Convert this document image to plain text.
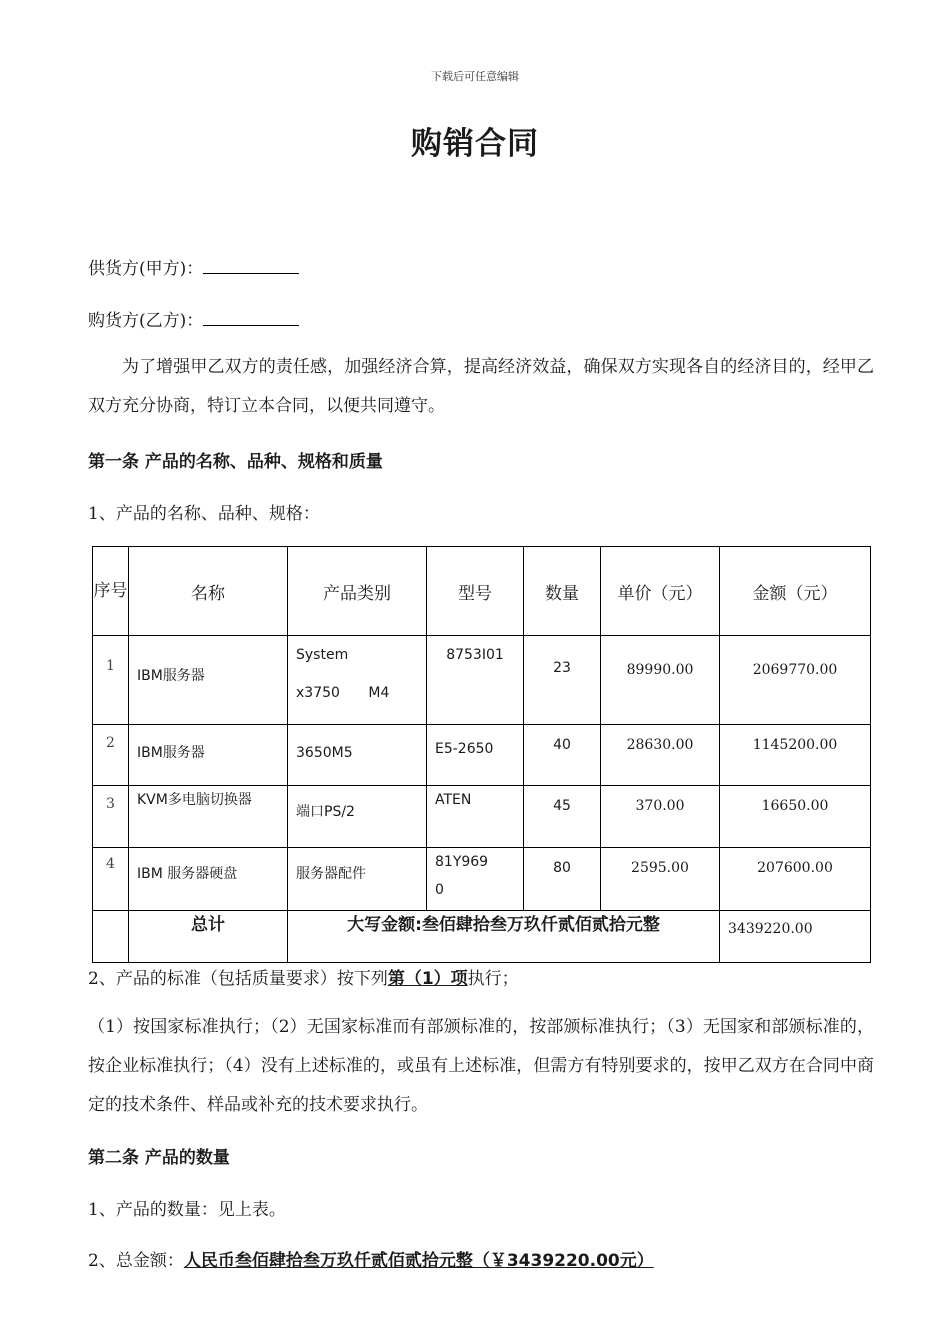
下载后可任意编辑
购销合同
供货方(甲方)：
购货方(乙方)：
为了增强甲乙双方的责任感，加强经济合算，提高经济效益，确保双方实现各自的经济目的，经甲乙双方充分协商，特订立本合同，以便共同遵守。
第一条 产品的名称、品种、规格和质量
1、产品的名称、品种、规格：
序号	名称	产品类别	型号	数量	单价（元）	金额（元）

1	IBM服务器	System x3750 M4	8753I01	23	89990.00	2069770.00

2	IBM服务器	3650M5	E5-2650	40	28630.00	1145200.00

3	KVM多电脑切换器	端口PS/2	ATEN	45	370.00	16650.00

4	IBM 服务器硬盘	服务器配件	81Y9690	80	2595.00	207600.00

	总计	大写金额:叁佰肆拾叁万玖仟贰佰贰拾元整				3439220.00
2、产品的标准（包括质量要求）按下列第（1）项执行；
（1）按国家标准执行；（2）无国家标准而有部颁标准的，按部颁标准执行；（3）无国家和部颁标准的，按企业标准执行；（4）没有上述标准的，或虽有上述标准，但需方有特别要求的，按甲乙双方在合同中商定的技术条件、样品或补充的技术要求执行。
第二条 产品的数量
1、产品的数量：见上表。
2、总金额：人民币叁佰肆拾叁万玖仟贰佰贰拾元整（￥3439220.00元）
